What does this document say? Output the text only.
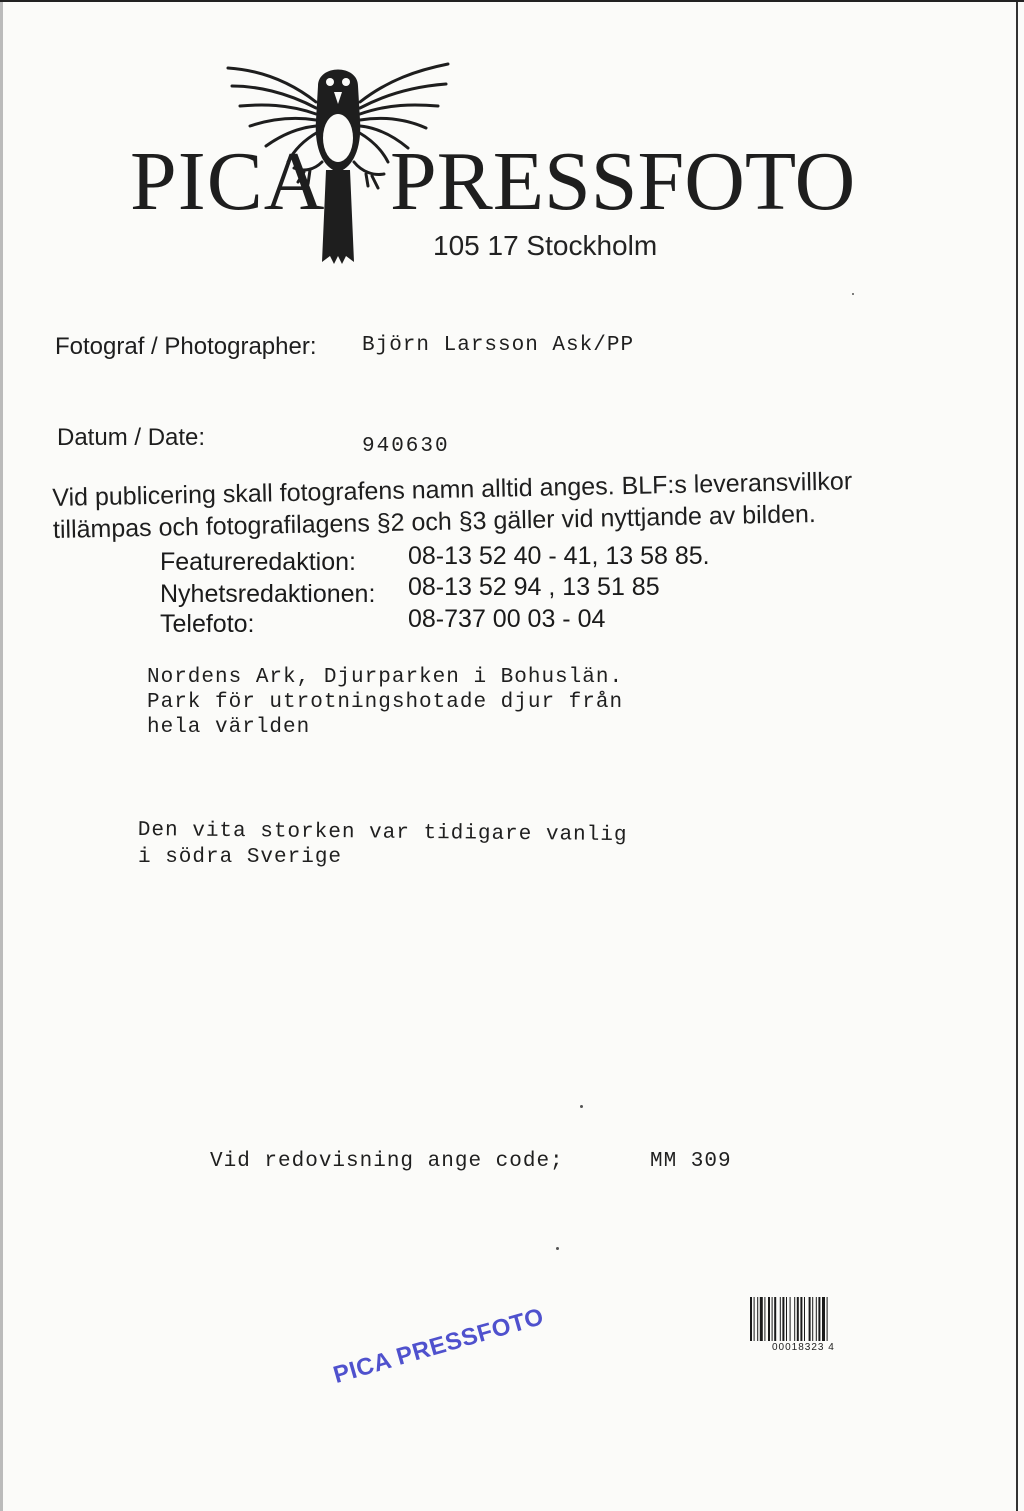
PICA PRESSFOTO
105 17 Stockholm
Fotograf / Photographer: Björn Larsson Ask/PP
Datum / Date:	940630
Vid publicering skall fotografens namn alltid anges. BLF:s leveransvillkor
tillämpas och fotografilagens §2 och §3 gäller vid nyttjande av bilden.
Featureredaktion: 08-13 52 40 - 41, 13 58 85.
Nyhetsredaktionen: 08-13 52 94 , 13 51 85
Telefoto:	08-737 00 03 - 04
Nordens Ark, Djurparken i Bohuslän.
Park för utrotningshotade djur från
hela världen
Den vita storken var tidigare vanlig
i södra Sverige
Vid redovisning ange code;	MM 309
00018323 4
PICA PRESSFOTO
